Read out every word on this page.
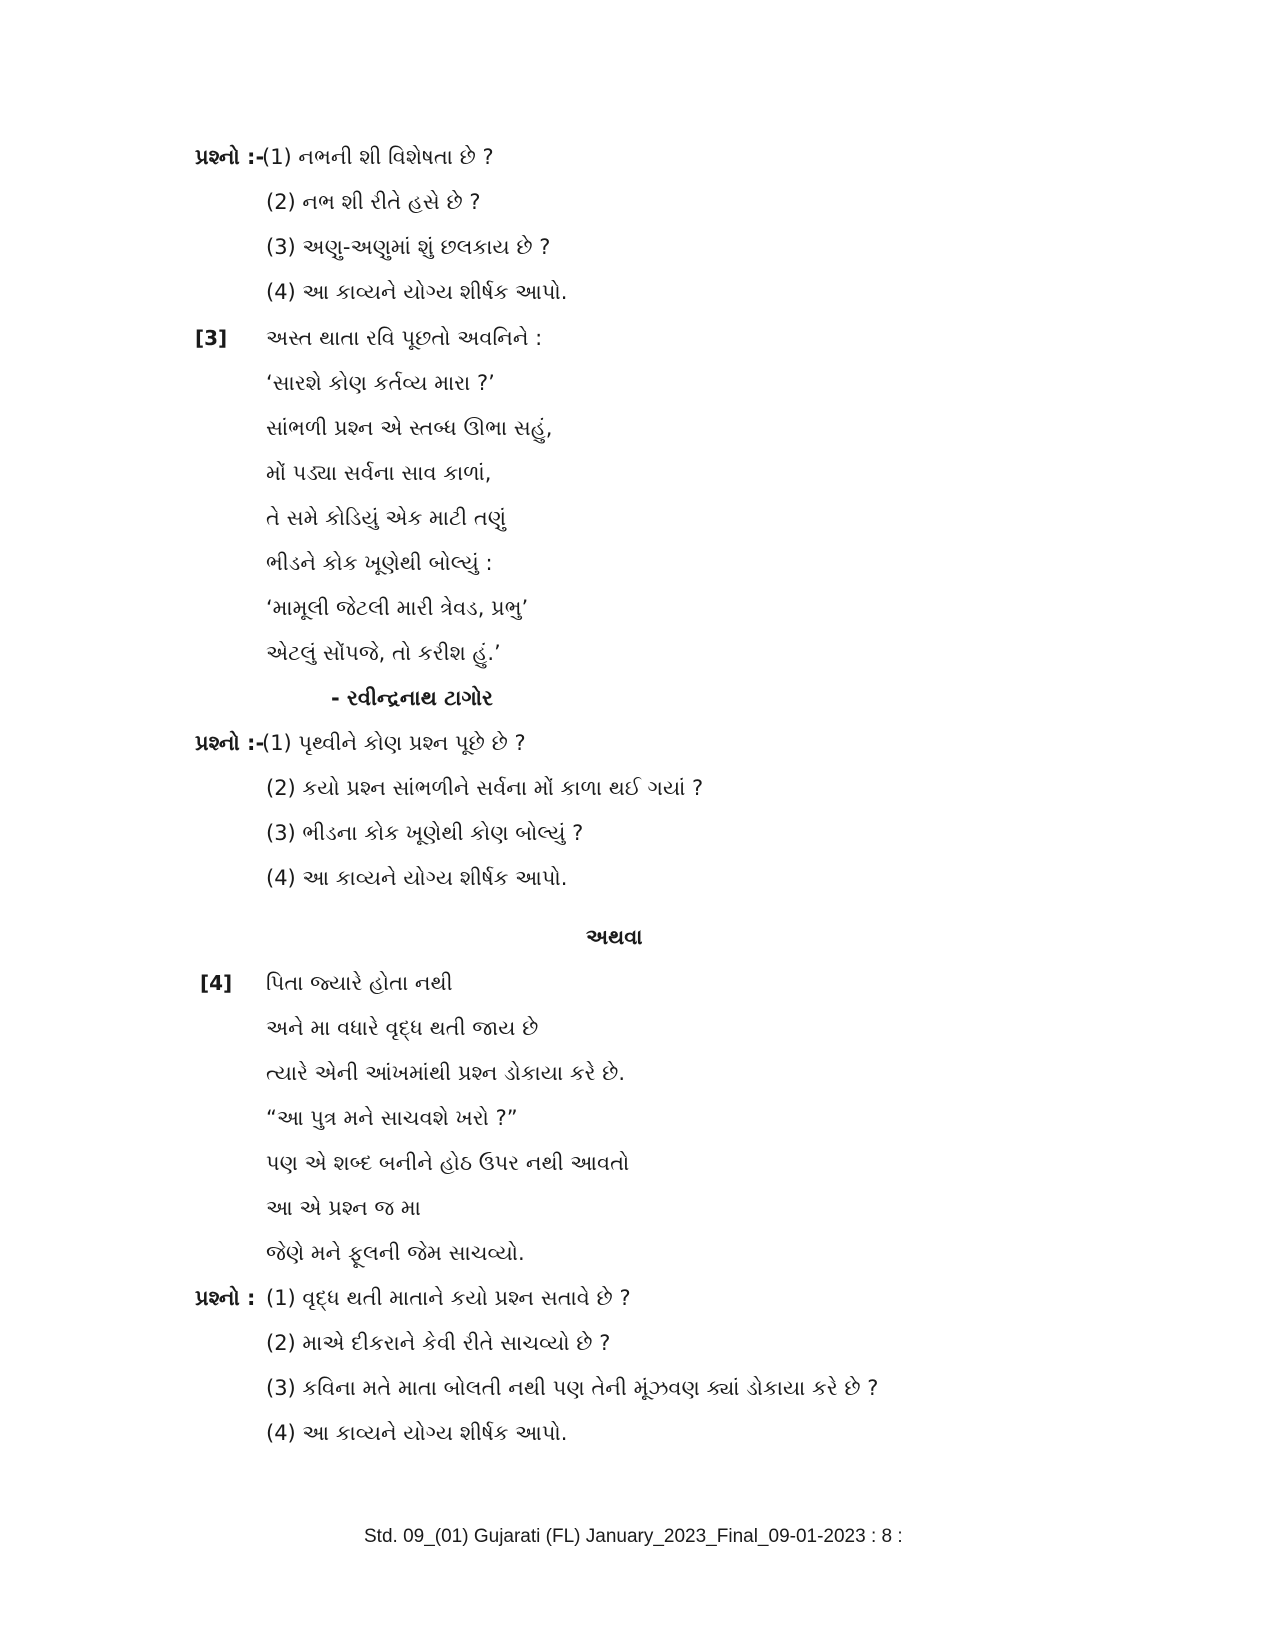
પ્રશ્નો :-
(1) નભની શી વિશેષતા છે ?
(2) નભ શી રીતે હસે છે ?
(3) અણુ-અણુમાં શું છલકાય છે ?
(4) આ કાવ્યને યોગ્ય શીર્ષક આપો.
[3] અસ્ત થાતા રવિ પૂછતો અવનિને :
‘સારશે કોણ કર્તવ્ય મારા ?’
સાંભળી પ્રશ્ન એ સ્તબ્ધ ઊભા સહું,
મોં પડ્યા સર્વના સાવ કાળાં,
તે સમે કોડિયું એક માટી તણું
ભીડને કોક ખૂણેથી બોલ્યું :
‘મામૂલી જેટલી મારી ત્રેવડ, પ્રભુ’
એટલું સોંપજે, તો કરીશ હું.’
- રવીન્દ્રનાથ ટાગોર
પ્રશ્નો :-
(1) પૃથ્વીને કોણ પ્રશ્ન પૂછે છે ?
(2) કયો પ્રશ્ન સાંભળીને સર્વના મોં કાળા થઈ ગયાં ?
(3) ભીડના કોક ખૂણેથી કોણ બોલ્યું ?
(4) આ કાવ્યને યોગ્ય શીર્ષક આપો.
અથવા
[4] પિતા જ્યારે હોતા નથી
અને મા વધારે વૃદ્ધ થતી જાય છે
ત્યારે એની આંખમાંથી પ્રશ્ન ડોકાયા કરે છે.
“આ પુત્ર મને સાચવશે ખરો ?”
પણ એ શબ્દ બનીને હોઠ ઉપર નથી આવતો
આ એ પ્રશ્ન જ મા
જેણે મને ફૂલની જેમ સાચવ્યો.
પ્રશ્નો : (1) વૃદ્ધ થતી માતાને કયો પ્રશ્ન સતાવે છે ?
(2) માએ દીકરાને કેવી રીતે સાચવ્યો છે ?
(3) કવિના મતે માતા બોલતી નથી પણ તેની મૂંઝવણ ક્યાં ડોકાયા કરે છે ?
(4) આ કાવ્યને યોગ્ય શીર્ષક આપો.
Std. 09_(01) Gujarati (FL) January_2023_Final_09-01-2023 : 8 :
